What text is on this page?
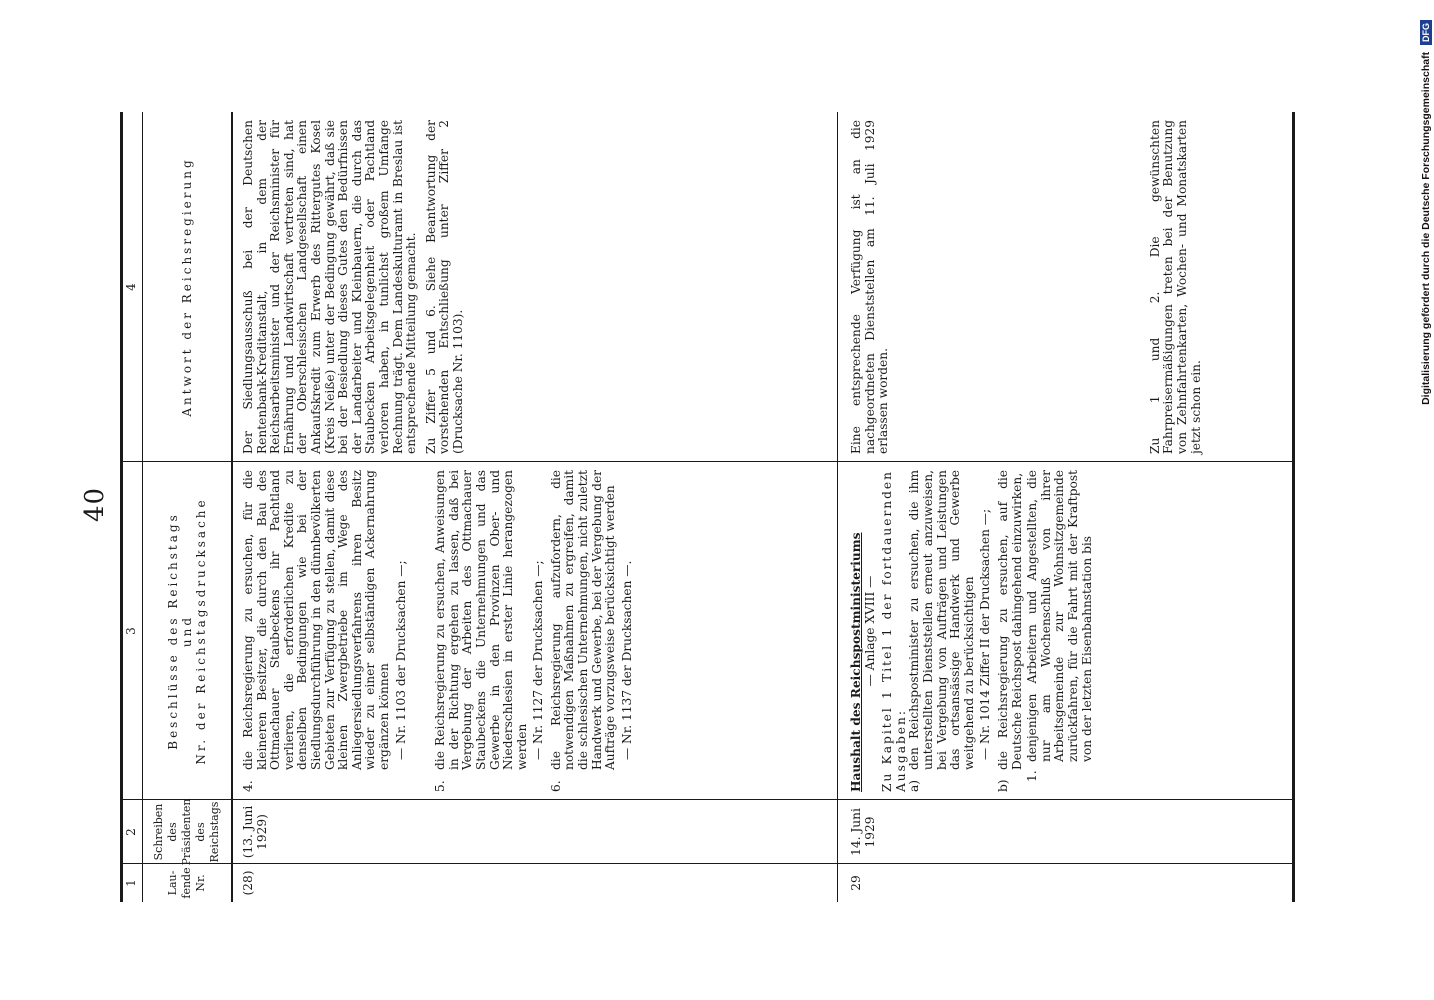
40
1
2
3
4
Lau- fende Nr.
Schreiben des Präsidenten des Reichstags
Beschlüsse des Reichstags und Nr. der Reichstagsdrucksache
Antwort der Reichsregierung
(28)
(13. Juni 1929)
4.
die Reichsregierung zu ersuchen, für die kleineren Besitzer, die durch den Bau des Ottmachauer Staubeckens ihr Pachtland verlieren, die erforderlichen Kredite zu denselben Bedingungen wie bei der Siedlungsdurchführung in den dünnbevölkerten Gebieten zur Verfügung zu stellen, damit diese kleinen Zwergbetriebe im Wege des Anliegersiedlungsverfahrens ihren Besitz wieder zu einer selbständigen Ackernahrung ergänzen können — Nr. 1103 der Drucksachen —;
5.
die Reichsregierung zu ersuchen, Anweisungen in der Richtung ergehen zu lassen, daß bei Vergebung der Arbeiten des Ottmachauer Staubeckens die Unternehmungen und das Gewerbe in den Provinzen Ober- und Niederschlesien in erster Linie herangezogen werden — Nr. 1127 der Drucksachen —;
6.
die Reichsregierung aufzufordern, die notwendigen Maßnahmen zu ergreifen, damit die schlesischen Unternehmungen, nicht zuletzt Handwerk und Gewerbe, bei der Vergebung der Aufträge vorzugsweise berücksichtigt werden — Nr. 1137 der Drucksachen —.
Der Siedlungsausschuß bei der Deutschen Rentenbank-Kreditanstalt, in dem der Reichsarbeitsminister und der Reichsminister für Ernährung und Landwirtschaft vertreten sind, hat der Oberschlesischen Landgesellschaft einen Ankaufskredit zum Erwerb des Rittergutes Kosel (Kreis Neiße) unter der Bedingung gewährt, daß sie bei der Besiedlung dieses Gutes den Bedürfnissen der Landarbeiter und Kleinbauern, die durch das Staubecken Arbeitsgelegenheit oder Pachtland verloren haben, in tunlichst großem Umfange Rechnung trägt. Dem Landeskulturamt in Breslau ist entsprechende Mitteilung gemacht. Zu Ziffer 5 und 6. Siehe Beantwortung der vorstehenden Entschließung unter Ziffer 2 (Drucksache Nr. 1103).
29
14. Juni 1929
Haushalt des Reichspostministeriums — Anlage XVIII — Zu Kapitel 1 Titel 1 der fortdauernden Ausgaben: a)
den Reichspostminister zu ersuchen, die ihm unterstellten Dienststellen erneut anzuweisen, bei Vergebung von Aufträgen und Leistungen das ortsansässige Handwerk und Gewerbe weitgehend zu berücksichtigen — Nr. 1014 Ziffer II der Drucksachen —;
b)
die Reichsregierung zu ersuchen, auf die Deutsche Reichspost dahingehend einzuwirken,
1.
denjenigen Arbeitern und Angestellten, die nur am Wochenschluß von ihrer Arbeitsgemeinde zur Wohnsitzgemeinde zurückfahren, für die Fahrt mit der Kraftpost von der letzten Eisenbahnstation bis
Eine entsprechende Verfügung ist an die nachgeordneten Dienststellen am 11. Juli 1929 erlassen worden.	Zu 1 und 2. Die gewünschten Fahrpreisermäßigungen treten bei der Benutzung von Zehnfahrtenkarten, Wochen- und Monatskarten jetzt schon ein.
Digitalisierung gefördert durch die Deutsche Forschungsgemeinschaft DFG
